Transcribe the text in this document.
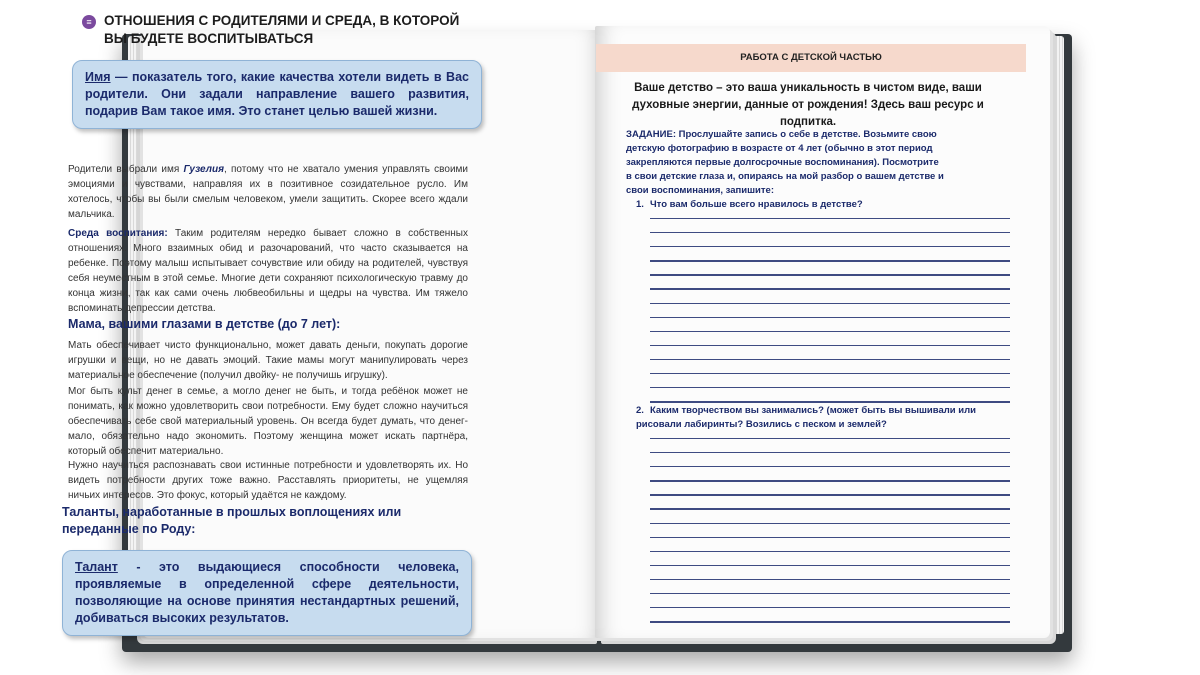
≡ ОТНОШЕНИЯ С РОДИТЕЛЯМИ И СРЕДА, В КОТОРОЙ ВЫ БУДЕТЕ ВОСПИТЫВАТЬСЯ
Имя — показатель того, какие качества хотели видеть в Вас родители. Они задали направление вашего развития, подарив Вам такое имя. Это станет целью вашей жизни.
Родители выбрали имя Гузелия, потому что не хватало умения управлять своими эмоциями и чувствами, направляя их в позитивное созидательное русло. Им хотелось, чтобы вы были смелым человеком, умели защитить. Скорее всего ждали мальчика.
Среда воспитания: Таким родителям нередко бывает сложно в собственных отношениях. Много взаимных обид и разочарований, что часто сказывается на ребенке. Поэтому малыш испытывает сочувствие или обиду на родителей, чувствуя себя неуместным в этой семье. Многие дети сохраняют психологическую травму до конца жизни, так как сами очень любвеобильны и щедры на чувства. Им тяжело вспоминать депрессии детства.
Мама, вашими глазами в детстве (до 7 лет):
Мать обеспечивает чисто функционально, может давать деньги, покупать дорогие игрушки и вещи, но не давать эмоций. Такие мамы могут манипулировать через материальное обеспечение (получил двойку- не получишь игрушку).
Мог быть культ денег в семье, а могло денег не быть, и тогда ребёнок может не понимать, как можно удовлетворить свои потребности. Ему будет сложно научиться обеспечивать себе свой материальный уровень. Он всегда будет думать, что денег-мало, обязательно надо экономить. Поэтому женщина может искать партнёра, который обеспечит материально.
Нужно научиться распознавать свои истинные потребности и удовлетворять их. Но видеть потребности других тоже важно. Расставлять приоритеты, не ущемляя ничьих интересов. Это фокус, который удаётся не каждому.
Таланты, наработанные в прошлых воплощениях или переданные по Роду:
Талант - это выдающиеся способности человека, проявляемые в определенной сфере деятельности, позволяющие на основе принятия нестандартных решений, добиваться высоких результатов.
РАБОТА С ДЕТСКОЙ ЧАСТЬЮ
Ваше детство – это ваша уникальность в чистом виде, ваши духовные энергии, данные от рождения! Здесь ваш ресурс и подпитка.
ЗАДАНИЕ: Прослушайте запись о себе в детстве. Возьмите свою детскую фотографию в возрасте от 4 лет (обычно в этот период закрепляются первые долгосрочные воспоминания). Посмотрите в свои детские глаза и, опираясь на мой разбор о вашем детстве и свои воспоминания, запишите:
1. Что вам больше всего нравилось в детстве?
2. Каким творчеством вы занимались? (может быть вы вышивали или рисовали лабиринты? Возились с песком и землей?
